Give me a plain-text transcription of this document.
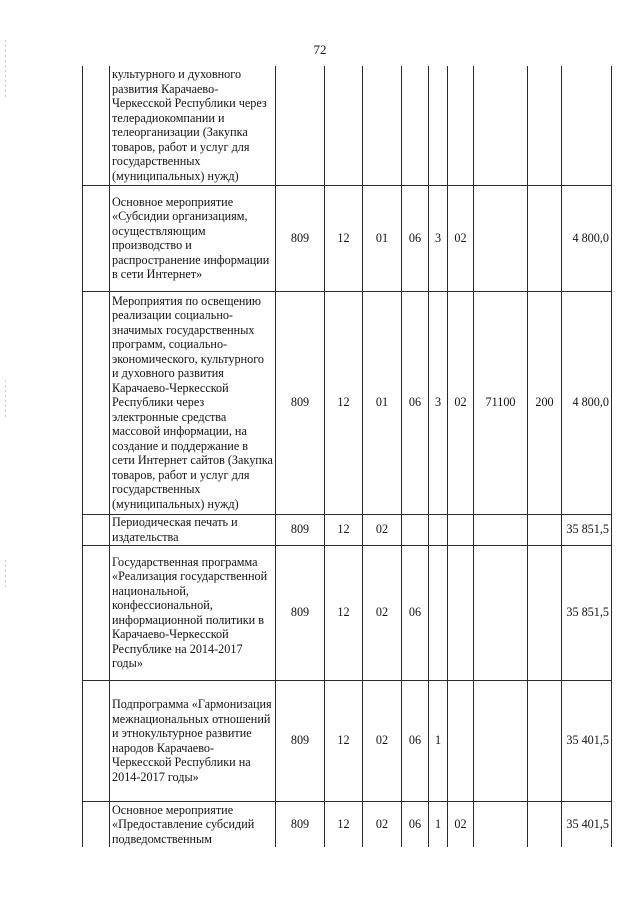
72
	культурного и духовного развития Карачаево-Черкесской Республики через телерадиокомпании и телеорганизации (Закупка товаров, работ и услуг для государственных (муниципальных) нужд)									
	Основное мероприятие «Субсидии организациям, осуществляющим производство и распространение информации в сети Интернет»	809	12	01	06	3	02			4 800,0
	Мероприятия по освещению реализации социально-значимых государственных программ, социально-экономического, культурного и духовного развития Карачаево-Черкесской Республики через электронные средства массовой информации, на создание и поддержание в сети Интернет сайтов (Закупка товаров, работ и услуг для государственных (муниципальных) нужд)	809	12	01	06	3	02	71100	200	4 800,0
	Периодическая печать и издательства	809	12	02						35 851,5
	Государственная программа «Реализация государственной национальной, конфессиональной, информационной политики в Карачаево-Черкесской Республике на 2014-2017 годы»	809	12	02	06					35 851,5
	Подпрограмма «Гармонизация межнациональных отношений и этнокультурное развитие народов Карачаево-Черкесской Республики на 2014-2017 годы»	809	12	02	06	1				35 401,5
	Основное мероприятие «Предоставление субсидий подведомственным	809	12	02	06	1	02			35 401,5
